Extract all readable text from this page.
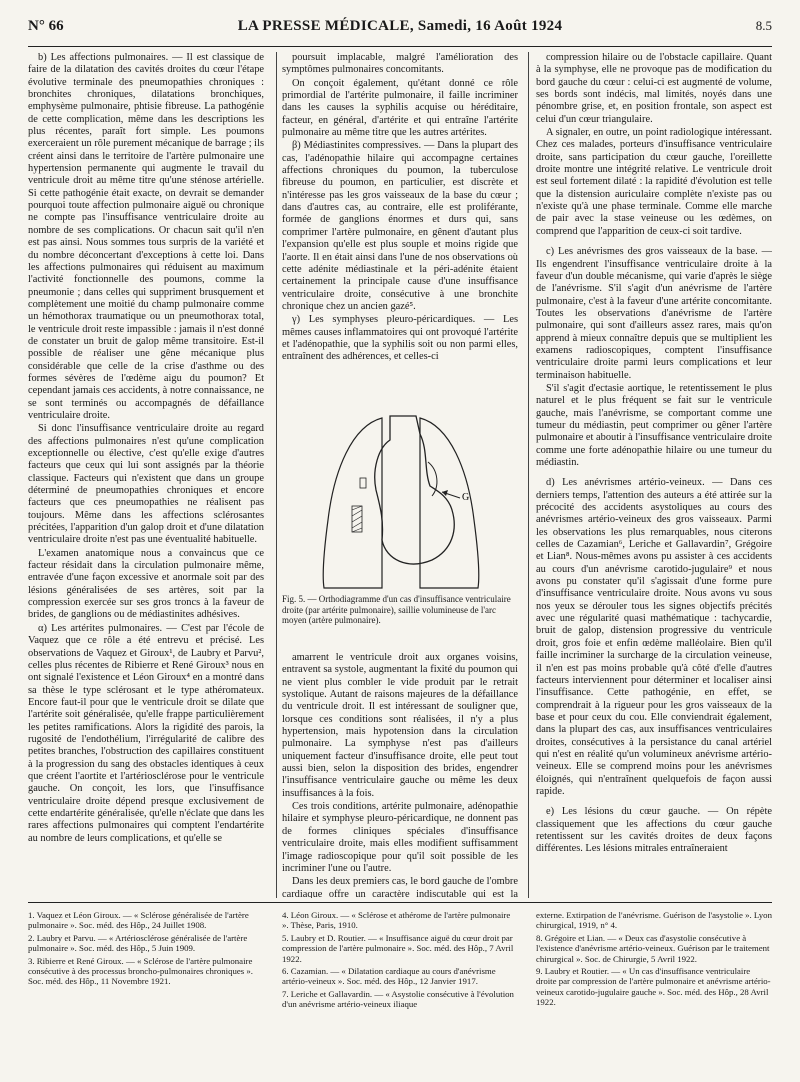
N° 66	LA PRESSE MÉDICALE, Samedi, 16 Août 1924	8.5

b) Les affections pulmonaires. — Il est classique de faire de la dilatation des cavités droites du cœur l'étape évolutive terminale des pneumopathies chroniques : bronchites chroniques, dilatations bronchiques, emphysème pulmonaire, phtisie fibreuse. La pathogénie de cette complication, même dans les descriptions les plus récentes, paraît fort simple. Les poumons exerceraient un rôle purement mécanique de barrage ; ils créent ainsi dans le territoire de l'artère pulmonaire une hypertension permanente qui augmente le travail du ventricule droit au même titre qu'une sténose artérielle. Si cette pathogénie était exacte, on devrait se demander pourquoi toute affection pulmonaire aiguë ou chronique ne compte pas l'insuffisance ventriculaire droite au nombre de ses complications. Or chacun sait qu'il n'en est pas ainsi. Nous sommes tous surpris de la variété et du nombre déconcertant d'exceptions à cette loi. Dans les affections pulmonaires qui réduisent au maximum l'activité fonctionnelle des poumons, comme la pneumonie ; dans celles qui suppriment brusquement et complètement une moitié du champ pulmonaire comme un hémothorax traumatique ou un pneumothorax total, le ventricule droit reste impassible : jamais il n'est donné de constater un bruit de galop même transitoire. Est-il possible de réaliser une gêne mécanique plus considérable que celle de la crise d'asthme ou des formes sévères de l'œdème aigu du poumon? Et cependant jamais ces accidents, à notre connaissance, ne se sont terminés ou accompagnés de défaillance ventriculaire droite.

Si donc l'insuffisance ventriculaire droite au regard des affections pulmonaires n'est qu'une complication exceptionnelle ou élective, c'est qu'elle exige d'autres facteurs que ceux qui lui sont assignés par la théorie classique. Facteurs qui n'existent que dans un groupe déterminé de pneumopathies chroniques et encore facteurs que ces pneumopathies ne réalisent pas toujours. Même dans les affections sclérosantes précitées, l'apparition d'un galop droit et d'une dilatation ventriculaire droite n'est pas une éventualité habituelle.

L'examen anatomique nous a convaincus que ce facteur résidait dans la circulation pulmonaire même, entravée d'une façon excessive et anormale soit par des lésions généralisées de ses artères, soit par la compression exercée sur ses gros troncs à la faveur de brides, de ganglions ou de médiastinites adhésives.

α) Les artérites pulmonaires. — C'est par l'école de Vaquez que ce rôle a été entrevu et précisé. Les observations de Vaquez et Giroux¹, de Laubry et Parvu², celles plus récentes de Ribierre et René Giroux³ nous en ont signalé l'existence et Léon Giroux⁴ en a montré dans sa thèse le type sclérosant et le type athéromateux. Encore faut-il pour que le ventricule droit se dilate que l'artérite soit généralisée, qu'elle frappe particulièrement les petites ramifications. Alors la rigidité des parois, la rugosité de l'endothélium, l'irrégularité de calibre des petites branches, l'obstruction des capillaires constituent à la progression du sang des obstacles identiques à ceux que créent l'aortite et l'artériosclérose pour le ventricule gauche. On conçoit, les lors, que l'insuffisance ventriculaire droite dépend presque exclusivement de cette endartérite généralisée, qu'elle n'éclate que dans les rares affections pulmonaires qui comptent l'endartérite au nombre de leurs complications, et qu'elle se

poursuit implacable, malgré l'amélioration des symptômes pulmonaires concomitants.

On conçoit également, qu'étant donné ce rôle primordial de l'artérite pulmonaire, il faille incriminer dans les causes la syphilis acquise ou héréditaire, facteur, en général, d'artérite et qui entraîne l'artérite pulmonaire au même titre que les autres artérites.

β) Médiastinites compressives. — Dans la plupart des cas, l'adénopathie hilaire qui accompagne certaines affections chroniques du poumon, la tuberculose fibreuse du poumon, en particulier, est discrète et n'intéresse pas les gros vaisseaux de la base du cœur ; dans d'autres cas, au contraire, elle est proliférante, formée de ganglions énormes et durs qui, sans comprimer l'artère pulmonaire, en gênent d'autant plus l'expansion qu'elle est plus souple et moins rigide que l'aorte. Il en était ainsi dans l'une de nos observations où cette adénite médiastinale et la péri-adénite étaient certainement la principale cause d'une insuffisance ventriculaire droite, consécutive à une bronchite chronique chez un ancien gazé⁵.

γ) Les symphyses pleuro-péricardiques. — Les mêmes causes inflammatoires qui ont provoqué l'artérite et l'adénopathie, que la syphilis soit ou non parmi elles, entraînent des adhérences, et celles-ci

G
Fig. 5. — Orthodiagramme d'un cas d'insuffisance ventriculaire droite (par artérite pulmonaire), saillie volumineuse de l'arc moyen (artère pulmonaire).

amarrent le ventricule droit aux organes voisins, entravent sa systole, augmentant la fixité du poumon qui ne vient plus combler le vide produit par le retrait systolique. Autant de raisons majeures de la défaillance du ventricule droit. Il est intéressant de souligner que, lorsque ces conditions sont réalisées, il n'y a plus hypertension, mais hypotension dans la circulation pulmonaire. La symphyse n'est pas d'ailleurs uniquement facteur d'insuffisance droite, elle peut tout aussi bien, selon la disposition des brides, engendrer l'insuffisance ventriculaire gauche ou même les deux insuffisances à la fois.

Ces trois conditions, artérite pulmonaire, adénopathie hilaire et symphyse pleuro-péricardique, ne donnent pas de formes cliniques spéciales d'insuffisance ventriculaire droite, mais elles modifient suffisamment l'image radioscopique pour qu'il soit possible de les incriminer l'une ou l'autre.

Dans les deux premiers cas, le bord gauche de l'ombre cardiaque offre un caractère indiscutable qui est la

compression hilaire ou de l'obstacle capillaire. Quant à la symphyse, elle ne provoque pas de modification du bord gauche du cœur : celui-ci est augmenté de volume, ses bords sont indécis, mal limités, noyés dans une pénombre grise, et, en position frontale, son aspect est celui d'un cœur triangulaire.

A signaler, en outre, un point radiologique intéressant. Chez ces malades, porteurs d'insuffisance ventriculaire droite, sans participation du cœur gauche, l'oreillette droite montre une intégrité relative. Le ventricule droit est seul fortement dilaté : la rapidité d'évolution est telle que la distension auriculaire complète n'existe pas ou n'existe qu'à une phase terminale. Comme elle marche de pair avec la stase veineuse ou les œdèmes, on comprend que l'apparition de ceux-ci soit tardive.

c) Les anévrismes des gros vaisseaux de la base. — Ils engendrent l'insuffisance ventriculaire droite à la faveur d'un double mécanisme, qui varie d'après le siège de l'anévrisme. S'il s'agit d'un anévrisme de l'artère pulmonaire, c'est à la faveur d'une artérite concomitante. Toutes les observations d'anévrisme de l'artère pulmonaire, qui sont d'ailleurs assez rares, mais qu'on apprend à mieux connaître depuis que se multiplient les examens radioscopiques, comptent l'insuffisance ventriculaire droite parmi leurs complications et leur terminaison habituelle.

S'il s'agit d'ectasie aortique, le retentissement le plus naturel et le plus fréquent se fait sur le ventricule gauche, mais l'anévrisme, se comportant comme une tumeur du médiastin, peut comprimer ou gêner l'artère pulmonaire et aboutir à l'insuffisance ventriculaire droite comme une forte adénopathie hilaire ou une tumeur du médiastin.

d) Les anévrismes artério-veineux. — Dans ces derniers temps, l'attention des auteurs a été attirée sur la précocité des accidents asystoliques au cours des anévrismes artério-veineux des gros vaisseaux. Parmi les observations les plus remarquables, nous citerons celles de Cazamian⁶, Leriche et Gallavardin⁷, Grégoire et Lian⁸. Nous-mêmes avons pu assister à ces accidents au cours d'un anévrisme carotido-jugulaire⁹ et nous avons pu constater qu'il s'agissait d'une forme pure d'insuffisance ventriculaire droite. Nous avons vu sous nos yeux se dérouler tous les signes objectifs précités avec une régularité quasi mathématique : tachycardie, bruit de galop, distension progressive du ventricule droit, gros foie et enfin œdème malléolaire. Bien qu'il faille incriminer la surcharge de la circulation veineuse, il n'en est pas moins probable qu'à côté d'elle d'autres facteurs interviennent pour déterminer et localiser ainsi l'insuffisance. Cette pathogénie, en effet, se comprendrait à la rigueur pour les gros vaisseaux de la base et pour ceux du cou. Elle conviendrait également, dans la plupart des cas, aux insuffisances ventriculaires droites, consécutives à la persistance du canal artériel qui n'est en réalité qu'un volumineux anévrisme artério-veineux. Elle se comprend moins pour les anévrismes éloignés, qui n'entraînent quelquefois de façon aussi rapide.

e) Les lésions du cœur gauche. — On répète classiquement que les affections du cœur gauche retentissent sur les cavités droites de deux façons différentes. Les lésions mitrales entraîneraient

1. Vaquez et Léon Giroux. — « Sclérose généralisée de l'artère pulmonaire ». Soc. méd. des Hôp., 24 Juillet 1908.
2. Laubry et Parvu. — « Artériosclérose généralisée de l'artère pulmonaire ». Soc. méd. des Hôp., 5 Juin 1909.
3. Ribierre et René Giroux. — « Sclérose de l'artère pulmonaire consécutive à des processus broncho-pulmonaires chroniques ». Soc. méd. des Hôp., 11 Novembre 1921.
4. Léon Giroux. — « Sclérose et athérome de l'artère pulmonaire ». Thèse, Paris, 1910.
5. Laubry et D. Routier. — « Insuffisance aiguë du cœur droit par compression de l'artère pulmonaire ». Soc. méd. des Hôp., 7 Avril 1922.
6. Cazamian. — « Dilatation cardiaque au cours d'anévrisme artério-veineux ». Soc. méd. des Hôp., 12 Janvier 1917.
7. Leriche et Gallavardin. — « Asystolie consécutive à l'évolution d'un anévrisme artério-veineux iliaque
externe. Extirpation de l'anévrisme. Guérison de l'asystolie ». Lyon chirurgical, 1919, n° 4.
8. Grégoire et Lian. — « Deux cas d'asystolie consécutive à l'existence d'anévrisme artério-veineux. Guérison par le traitement chirurgical ». Soc. de Chirurgie, 5 Avril 1922.
9. Laubry et Routier. — « Un cas d'insuffisance ventriculaire droite par compression de l'artère pulmonaire et anévrisme artério-veineux carotido-jugulaire gauche ». Soc. méd. des Hôp., 28 Avril 1922.
